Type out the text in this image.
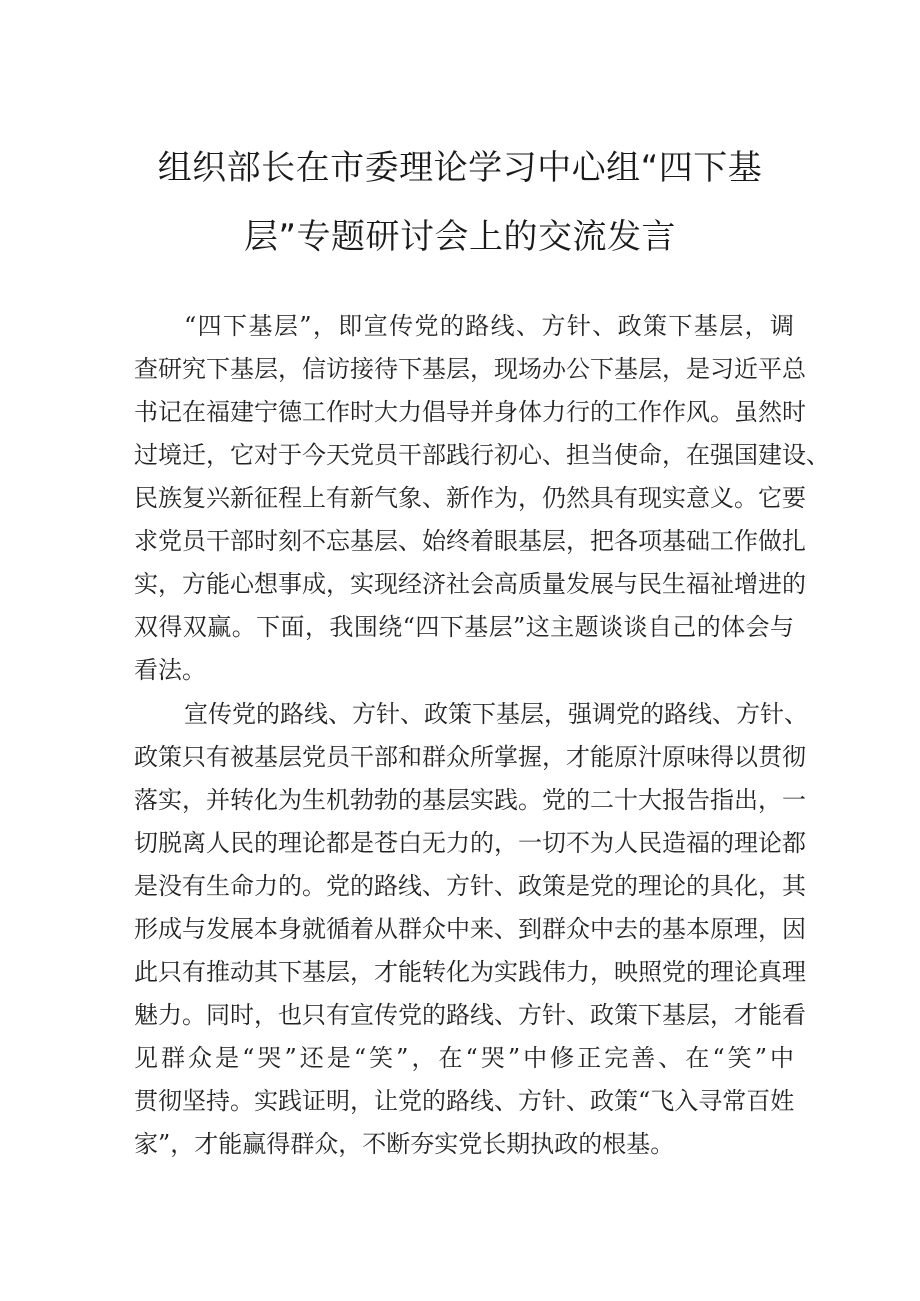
组织部长在市委理论学习中心组“四下基
层”专题研讨会上的交流发言
“四下基层”，即宣传党的路线、方针、政策下基层，调
查研究下基层，信访接待下基层，现场办公下基层，是习近平总
书记在福建宁德工作时大力倡导并身体力行的工作作风。虽然时
过境迁，它对于今天党员干部践行初心、担当使命，在强国建设、
民族复兴新征程上有新气象、新作为，仍然具有现实意义。它要
求党员干部时刻不忘基层、始终着眼基层，把各项基础工作做扎
实，方能心想事成，实现经济社会高质量发展与民生福祉增进的
双得双赢。下面，我围绕“四下基层”这主题谈谈自己的体会与
看法。
宣传党的路线、方针、政策下基层，强调党的路线、方针、
政策只有被基层党员干部和群众所掌握，才能原汁原味得以贯彻
落实，并转化为生机勃勃的基层实践。党的二十大报告指出，一
切脱离人民的理论都是苍白无力的，一切不为人民造福的理论都
是没有生命力的。党的路线、方针、政策是党的理论的具化，其
形成与发展本身就循着从群众中来、到群众中去的基本原理，因
此只有推动其下基层，才能转化为实践伟力，映照党的理论真理
魅力。同时，也只有宣传党的路线、方针、政策下基层，才能看
见群众是“哭”还是“笑”，在“哭”中修正完善、在“笑”中
贯彻坚持。实践证明，让党的路线、方针、政策“飞入寻常百姓
家”，才能赢得群众，不断夯实党长期执政的根基。
